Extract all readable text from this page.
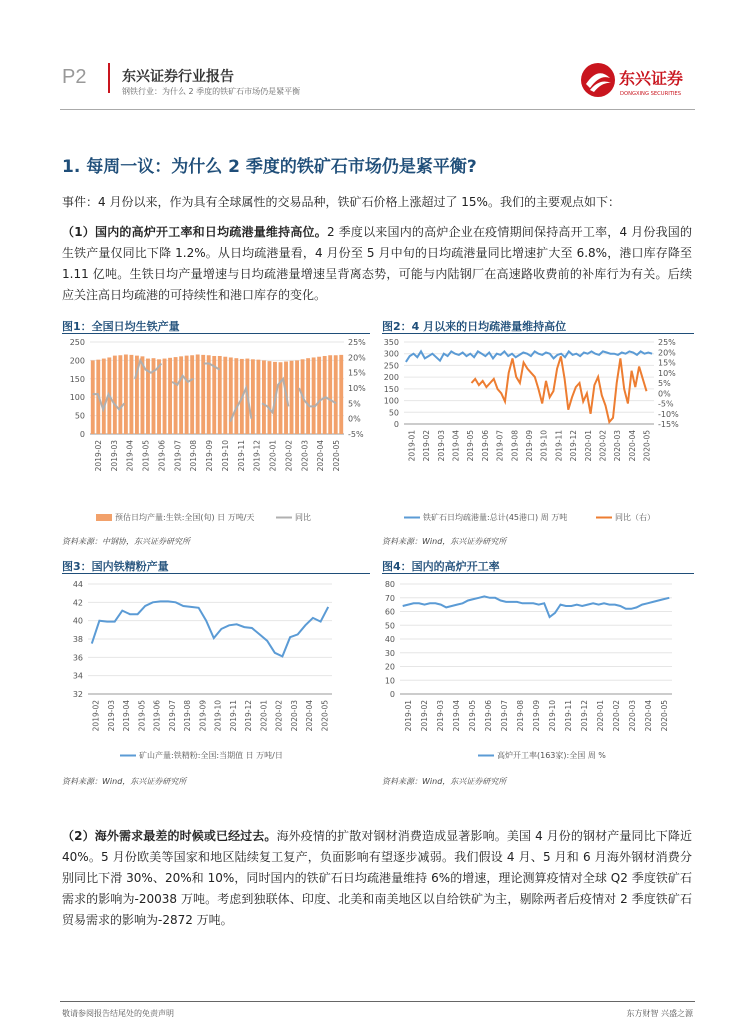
P2	东兴证券行业报告
钢铁行业：为什么 2 季度的铁矿石市场仍是紧平衡
东兴证券
DONGXING SECURITIES
1. 每周一议：为什么 2 季度的铁矿石市场仍是紧平衡?
事件：4 月份以来，作为具有全球属性的交易品种，铁矿石价格上涨超过了 15%。我们的主要观点如下：
（1）国内的高炉开工率和日均疏港量维持高位。2 季度以来国内的高炉企业在疫情期间保持高开工率，4 月份我国的生铁产量仅同比下降 1.2%。从日均疏港量看，4 月份至 5 月中旬的日均疏港量同比增速扩大至 6.8%，港口库存降至 1.11 亿吨。生铁日均产量增速与日均疏港量增速呈背离态势，可能与内陆钢厂在高速路收费前的补库行为有关。后续应关注高日均疏港的可持续性和港口库存的变化。
图1：全国日均生铁产量	图2：4 月以来的日均疏港量维持高位
0
50
100
150
200
250
-5%
0%
5%
10%
15%
20%
25%
2019-02 2019-03 2019-04 2019-05 2019-06 2019-07 2019-08 2019-09 2019-10 2019-11 2019-12 2020-01 2020-02 2020-03 2020-04 2020-05
预估日均产量:生铁:全国(旬) 日 万吨/天	同比
0
50
100
150
200
250
300
350
-15%
-10%
-5%
0%
5%
10%
15%
20%
25%
2019-01 2019-02 2019-03 2019-04 2019-05 2019-06 2019-07 2019-08 2019-09 2019-10 2019-11 2019-12 2020-01 2020-02 2020-03 2020-04 2020-05
铁矿石日均疏港量:总计(45港口) 周 万吨	同比（右）
资料来源：中钢协，东兴证券研究所	资料来源：Wind，东兴证券研究所
图3：国内铁精粉产量	图4：国内的高炉开工率
32
34
36
38
40
42
44
2019-02 2019-03 2019-04 2019-05 2019-06 2019-07 2019-08 2019-09 2019-10 2019-11 2019-12 2020-01 2020-02 2020-03 2020-04 2020-05
矿山产量:铁精粉:全国:当期值 日 万吨/日
0
10
20
30
40
50
60
70
80
2019-01 2019-02 2019-03 2019-04 2019-05 2019-06 2019-07 2019-08 2019-09 2019-10 2019-11 2019-12 2020-01 2020-02 2020-03 2020-04 2020-05
高炉开工率(163家):全国 周 %
资料来源：Wind，东兴证券研究所	资料来源：Wind，东兴证券研究所
（2）海外需求最差的时候或已经过去。海外疫情的扩散对钢材消费造成显著影响。美国 4 月份的钢材产量同比下降近 40%。5 月份欧美等国家和地区陆续复工复产，负面影响有望逐步减弱。我们假设 4 月、5 月和 6 月海外钢材消费分别同比下滑 30%、20%和 10%，同时国内的铁矿石日均疏港量维持 6%的增速，理论测算疫情对全球 Q2 季度铁矿石需求的影响为-20038 万吨。考虑到独联体、印度、北美和南美地区以自给铁矿为主，剔除两者后疫情对 2 季度铁矿石贸易需求的影响为-2872 万吨。
敬请参阅报告结尾处的免责声明	东方财智 兴盛之源
